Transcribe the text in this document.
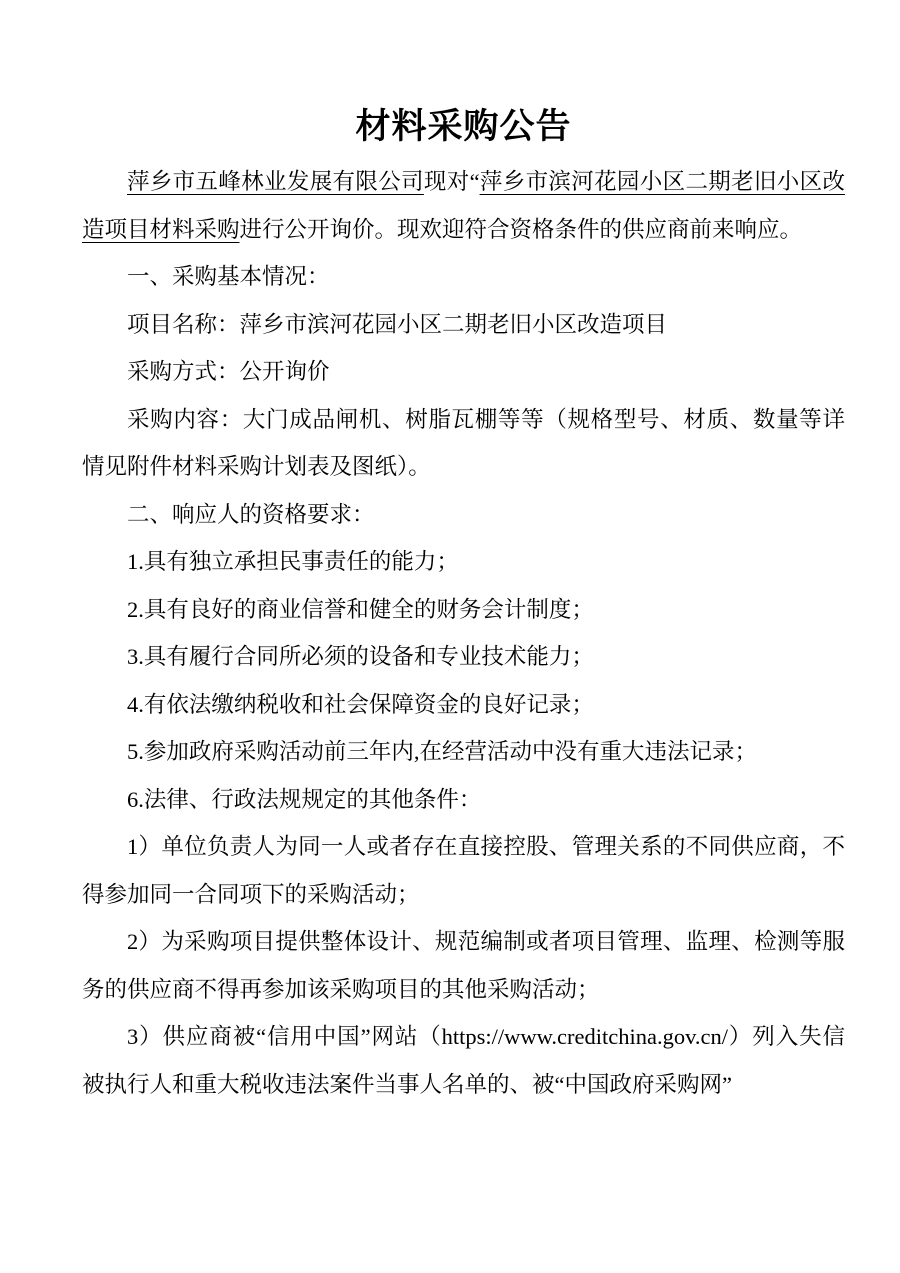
材料采购公告

萍乡市五峰林业发展有限公司现对“萍乡市滨河花园小区二期老旧小区改造项目材料采购进行公开询价。现欢迎符合资格条件的供应商前来响应。

一、采购基本情况：

项目名称：萍乡市滨河花园小区二期老旧小区改造项目

采购方式：公开询价

采购内容：大门成品闸机、树脂瓦棚等等（规格型号、材质、数量等详情见附件材料采购计划表及图纸）。

二、响应人的资格要求：

1.具有独立承担民事责任的能力；

2.具有良好的商业信誉和健全的财务会计制度；

3.具有履行合同所必须的设备和专业技术能力；

4.有依法缴纳税收和社会保障资金的良好记录；

5.参加政府采购活动前三年内,在经营活动中没有重大违法记录；

6.法律、行政法规规定的其他条件：

1）单位负责人为同一人或者存在直接控股、管理关系的不同供应商，不得参加同一合同项下的采购活动；

2）为采购项目提供整体设计、规范编制或者项目管理、监理、检测等服务的供应商不得再参加该采购项目的其他采购活动；

3）供应商被“信用中国”网站（https://www.creditchina.gov.cn/）列入失信被执行人和重大税收违法案件当事人名单的、被“中国政府采购网”
